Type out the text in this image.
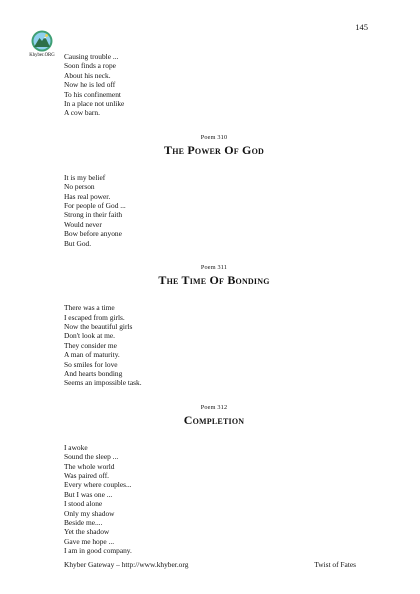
145
Khyber.ORG	Causing trouble ...
Soon finds a rope
About his neck.
Now he is led off
To his confinement
In a place not unlike
A cow barn.
Poem 310
The Power Of God
It is my belief
No person
Has real power.
For people of God ...
Strong in their faith
Would never
Bow before anyone
But God.
Poem 311
The Time Of Bonding
There was a time
I escaped from girls.
Now the beautiful girls
Don't look at me.
They consider me
A man of maturity.
So smiles for love
And hearts bonding
Seems an impossible task.
Poem 312
Completion
I awoke
Sound the sleep ...
The whole world
Was paired off.
Every where couples...
But I was one ...
I stood alone
Only my shadow
Beside me....
Yet the shadow
Gave me hope ...
I am in good company.
Khyber Gateway – http://www.khyber.org	Twist of Fates
